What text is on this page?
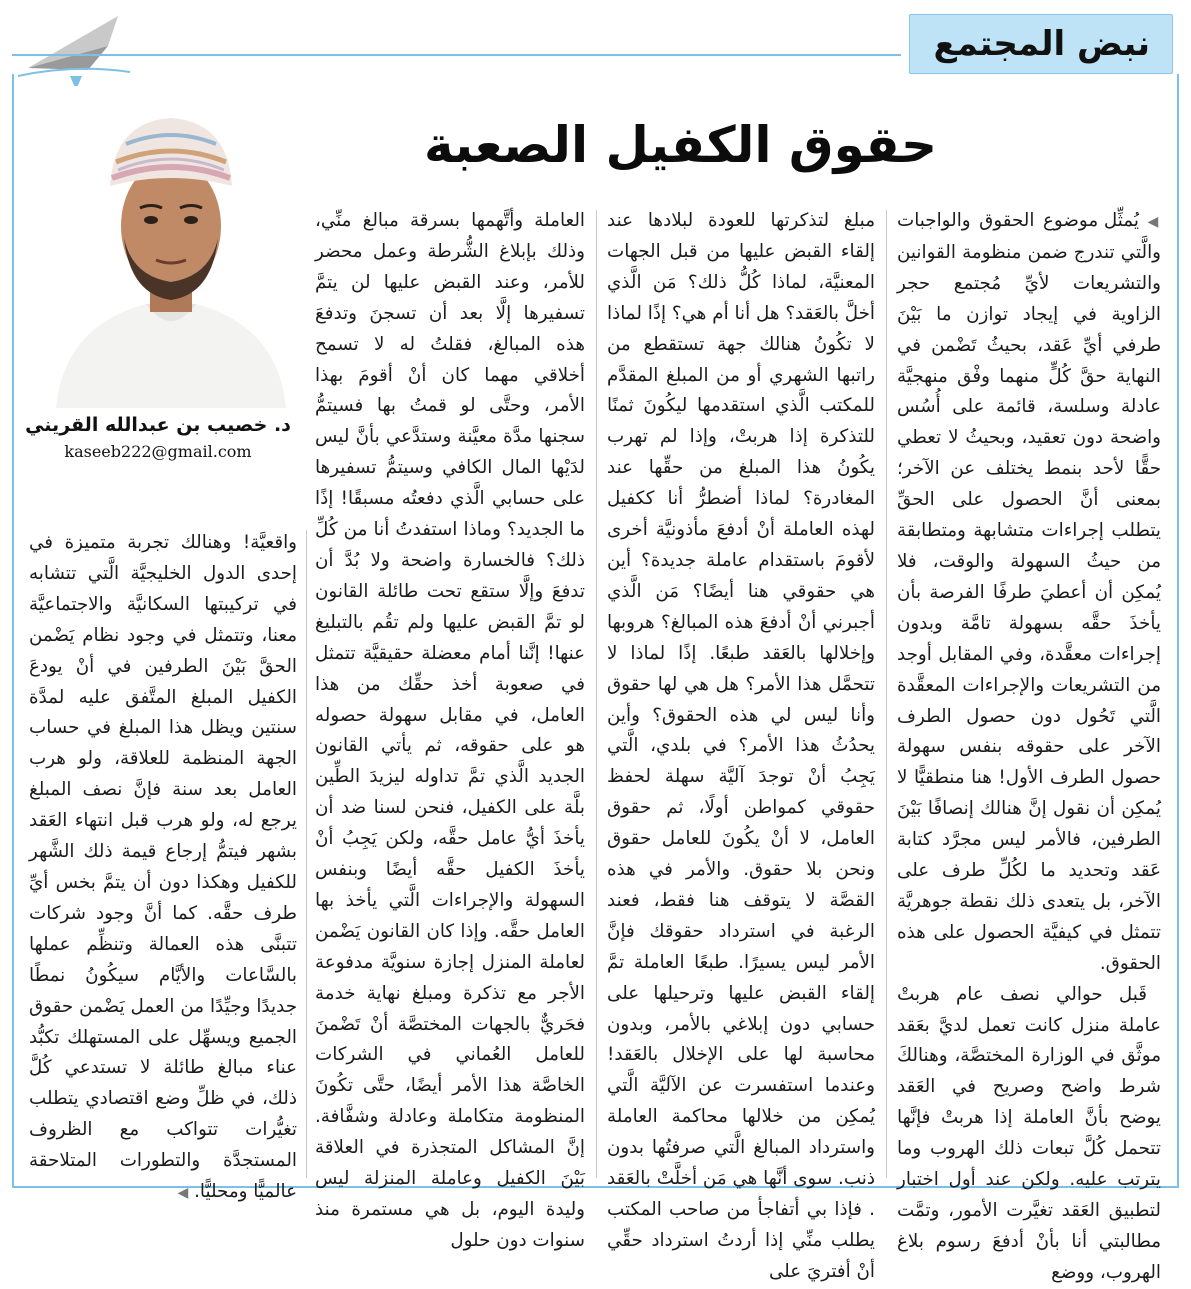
نبض المجتمع
حقوق الكفيل الصعبة
د. خصيب بن عبدالله القريني
kaseeb222@gmail.com

◀ يُمثِّل موضوع الحقوق والواجبات والَّتي تندرج ضمن منظومة القوانين والتشريعات لأيِّ مُجتمع حجر الزاوية في إيجاد توازن ما بَيْنَ طرفي أيِّ عَقد، بحيثُ تَضْمن في النهاية حقَّ كُلٍّ منهما وفْق منهجيَّة عادلة وسلسة، قائمة على أُسُس واضحة دون تعقيد، وبحيثُ لا تعطي حقًّا لأحد بنمط يختلف عن الآخر؛ بمعنى أنَّ الحصول على الحقِّ يتطلب إجراءات متشابهة ومتطابقة من حيثُ السهولة والوقت، فلا يُمكِن أن أعطيَ طرفًا الفرصة بأن يأخذَ حقَّه بسهولة تامَّة وبدون إجراءات معقَّدة، وفي المقابل أوجد من التشريعات والإجراءات المعقَّدة الَّتي تَحُول دون حصول الطرف الآخر على حقوقه بنفس سهولة حصول الطرف الأول! هنا منطقيًّا لا يُمكِن أن نقول إنَّ هنالك إنصافًا بَيْنَ الطرفين، فالأمر ليس مجرَّد كتابة عَقد وتحديد ما لكُلِّ طرف على الآخر، بل يتعدى ذلك نقطة جوهريَّة تتمثل في كيفيَّة الحصول على هذه الحقوق.

قَبل حوالي نصف عام هربتْ عاملة منزل كانت تعمل لديَّ بعَقد موثَّق في الوزارة المختصَّة، وهنالكَ شرط واضح وصريح في العَقد يوضح بأنَّ العاملة إذا هربتْ فإنَّها تتحمل كُلَّ تبعات ذلك الهروب وما يترتب عليه. ولكن عند أول اختبار لتطبيق العَقد تغيَّرت الأمور، وتمَّت مطالبتي أنا بأنْ أدفعَ رسوم بلاغ الهروب، ووضع

مبلغ لتذكرتها للعودة لبلادها عند إلقاء القبض عليها من قبل الجهات المعنيَّة، لماذا كُلُّ ذلك؟ مَن الَّذي أخلَّ بالعَقد؟ هل أنا أم هي؟ إذًا لماذا لا تكُونُ هنالك جهة تستقطع من راتبها الشهري أو من المبلغ المقدَّم للمكتب الَّذي استقدمها ليكُونَ ثمنًا للتذكرة إذا هربتْ، وإذا لم تهرب يكُونُ هذا المبلغ من حقِّها عند المغادرة؟ لماذا أضطرُّ أنا ككفيل لهذه العاملة أنْ أدفعَ مأذونيَّة أخرى لأقومَ باستقدام عاملة جديدة؟ أين هي حقوقي هنا أيضًا؟ مَن الَّذي أجبرني أنْ أدفعَ هذه المبالغ؟ هروبها وإخلالها بالعَقد طبعًا. إذًا لماذا لا تتحمَّل هذا الأمر؟ هل هي لها حقوق وأنا ليس لي هذه الحقوق؟ وأين يحدُثُ هذا الأمر؟ في بلدي، الَّتي يَجِبُ أنْ توجدَ آليَّة سهلة لحفظ حقوقي كمواطن أولًا، ثم حقوق العامل، لا أنْ يكُونَ للعامل حقوق ونحن بلا حقوق. والأمر في هذه القصَّة لا يتوقف هنا فقط، فعند الرغبة في استرداد حقوقك فإنَّ الأمر ليس يسيرًا. طبعًا العاملة تمَّ إلقاء القبض عليها وترحيلها على حسابي دون إبلاغي بالأمر، وبدون محاسبة لها على الإخلال بالعَقد! وعندما استفسرت عن الآليَّة الَّتي يُمكِن من خلالها محاكمة العاملة واسترداد المبالغ الَّتي صرفتُها بدون ذنب. سوى أنَّها هي مَن أخلَّتْ بالعَقد . فإذا بي أتفاجأ من صاحب المكتب يطلب منِّي إذا أردتُ استرداد حقِّي أنْ أفتريَ على

العاملة وأتَّهمها بسرقة مبالغ منِّي، وذلك بإبلاغ الشُّرطة وعمل محضر للأمر، وعند القبض عليها لن يتمَّ تسفيرها إلَّا بعد أن تسجنَ وتدفعَ هذه المبالغ، فقلتُ له لا تسمح أخلاقي مهما كان أنْ أقومَ بهذا الأمر، وحتَّى لو قمتُ بها فسيتمُّ سجنها مدَّة معيَّنة وستدَّعي بأنَّ ليس لدَيْها المال الكافي وسيتمُّ تسفيرها على حسابي الَّذي دفعتُه مسبقًا! إذًا ما الجديد؟ وماذا استفدتُ أنا من كُلِّ ذلك؟ فالخسارة واضحة ولا بُدَّ أن تدفعَ وإلَّا ستقع تحت طائلة القانون لو تمَّ القبض عليها ولم تقُم بالتبليغ عنها! إنَّنا أمام معضلة حقيقيَّة تتمثل في صعوبة أخذ حقِّك من هذا العامل، في مقابل سهولة حصوله هو على حقوقه، ثم يأتي القانون الجديد الَّذي تمَّ تداوله ليزيدَ الطِّين بلَّة على الكفيل، فنحن لسنا ضد أن يأخذَ أيُّ عامل حقَّه، ولكن يَجِبُ أنْ يأخذَ الكفيل حقَّه أيضًا وبنفس السهولة والإجراءات الَّتي يأخذ بها العامل حقَّه. وإذا كان القانون يَضْمن لعاملة المنزل إجازة سنويَّة مدفوعة الأجر مع تذكرة ومبلغ نهاية خدمة فحَريٌّ بالجهات المختصَّة أنْ تَضْمنَ للعامل العُماني في الشركات الخاصَّة هذا الأمر أيضًا، حتَّى تكُونَ المنظومة متكاملة وعادلة وشفَّافة. إنَّ المشاكل المتجذرة في العلاقة بَيْنَ الكفيل وعاملة المنزلة ليس وليدة اليوم، بل هي مستمرة منذ سنوات دون حلول

واقعيَّة! وهنالك تجربة متميزة في إحدى الدول الخليجيَّة الَّتي تتشابه في تركيبتها السكانيَّة والاجتماعيَّة معنا، وتتمثل في وجود نظام يَضْمن الحقَّ بَيْنَ الطرفين في أنْ يودعَ الكفيل المبلغ المتَّفق عليه لمدَّة سنتين ويظل هذا المبلغ في حساب الجهة المنظمة للعلاقة، ولو هرب العامل بعد سنة فإنَّ نصف المبلغ يرجع له، ولو هرب قبل انتهاء العَقد بشهر فيتمُّ إرجاع قيمة ذلك الشَّهر للكفيل وهكذا دون أن يتمَّ بخس أيِّ طرف حقَّه. كما أنَّ وجود شركات تتبنَّى هذه العمالة وتنظِّم عملها بالسَّاعات والأيَّام سيكُونُ نمطًا جديدًا وجيِّدًا من العمل يَضْمن حقوق الجميع ويسهِّل على المستهلك تكبُّد عناء مبالغ طائلة لا تستدعي كُلَّ ذلك، في ظلِّ وضع اقتصادي يتطلب تغيُّرات تتواكب مع الظروف المستجدَّة والتطورات المتلاحقة عالميًّا ومحليًّا. ◀
